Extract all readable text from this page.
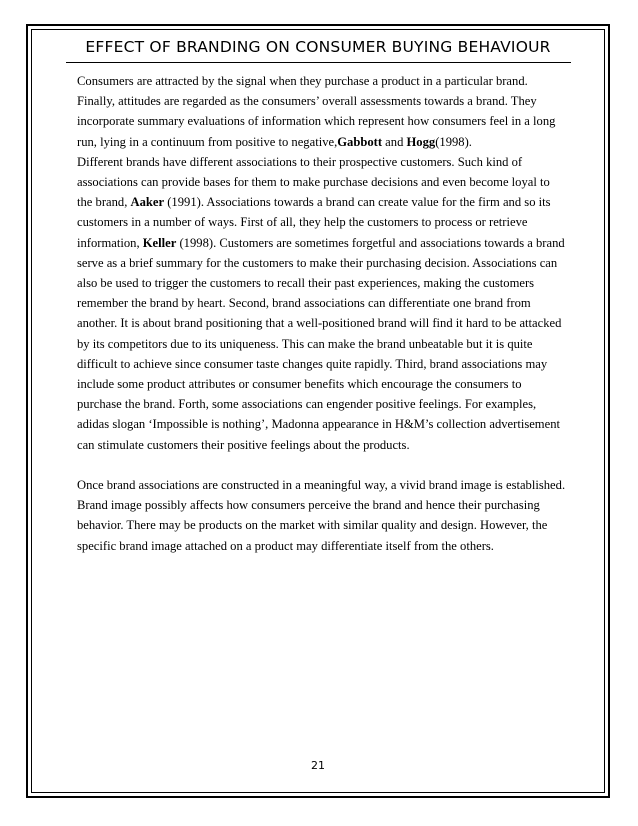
EFFECT OF BRANDING ON CONSUMER BUYING BEHAVIOUR
Consumers are attracted by the signal when they purchase a product in a particular brand.
Finally, attitudes are regarded as the consumers’ overall assessments towards a brand. They
incorporate summary evaluations of information which represent how consumers feel in a long
run, lying in a continuum from positive to negative,Gabbott and Hogg(1998).
Different brands have different associations to their prospective customers. Such kind of
associations can provide bases for them to make purchase decisions and even become loyal to
the brand, Aaker (1991). Associations towards a brand can create value for the firm and so its
customers in a number of ways. First of all, they help the customers to process or retrieve
information, Keller (1998). Customers are sometimes forgetful and associations towards a brand
serve as a brief summary for the customers to make their purchasing decision. Associations can
also be used to trigger the customers to recall their past experiences, making the customers
remember the brand by heart. Second, brand associations can differentiate one brand from
another. It is about brand positioning that a well-positioned brand will find it hard to be attacked
by its competitors due to its uniqueness. This can make the brand unbeatable but it is quite
difficult to achieve since consumer taste changes quite rapidly. Third, brand associations may
include some product attributes or consumer benefits which encourage the consumers to
purchase the brand. Forth, some associations can engender positive feelings. For examples,
adidas slogan ‘Impossible is nothing’, Madonna appearance in H&M’s collection advertisement
can stimulate customers their positive feelings about the products.
Once brand associations are constructed in a meaningful way, a vivid brand image is established.
Brand image possibly affects how consumers perceive the brand and hence their purchasing
behavior. There may be products on the market with similar quality and design. However, the
specific brand image attached on a product may differentiate itself from the others.
21
